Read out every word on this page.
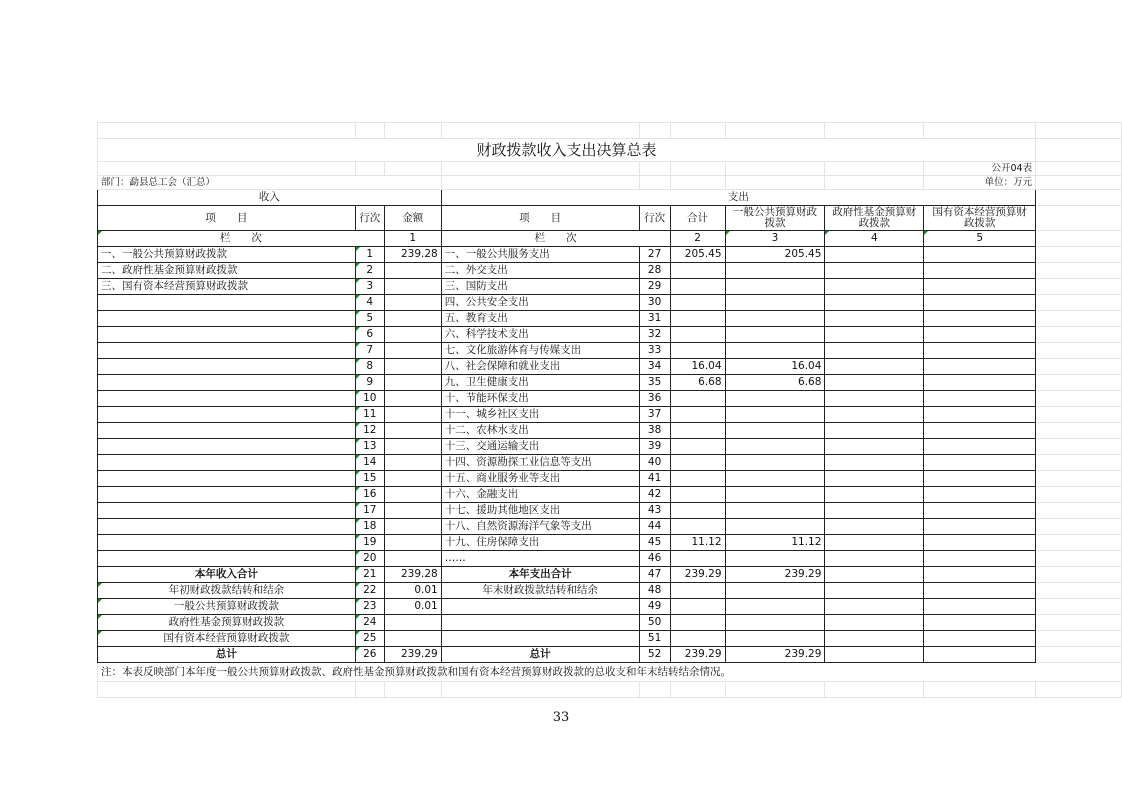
财政拨款收入支出决算总表									
								公开04表	
部门：勐县总工会（汇总）								单位：万元	
收入			支出						
项　　目	行次	金额	项　　目	行次	合计	一般公共预算财政拨款	政府性基金预算财政拨款	国有资本经营预算财政拨款	
栏　　次		1	栏　　次		2	3	4	5	
一、一般公共预算财政拨款	1	239.28	一、一般公共服务支出	27	205.45	205.45			
二、政府性基金预算财政拨款	2		二、外交支出	28					
三、国有资本经营预算财政拨款	3		三、国防支出	29					
	4		四、公共安全支出	30					
	5		五、教育支出	31					
	6		六、科学技术支出	32					
	7		七、文化旅游体育与传媒支出	33					
	8		八、社会保障和就业支出	34	16.04	16.04			
	9		九、卫生健康支出	35	6.68	6.68			
	10		十、节能环保支出	36					
	11		十一、城乡社区支出	37					
	12		十二、农林水支出	38					
	13		十三、交通运输支出	39					
	14		十四、资源勘探工业信息等支出	40					
	15		十五、商业服务业等支出	41					
	16		十六、金融支出	42					
	17		十七、援助其他地区支出	43					
	18		十八、自然资源海洋气象等支出	44					
	19		十九、住房保障支出	45	11.12	11.12			
	20		……	46					
本年收入合计	21	239.28	本年支出合计	47	239.29	239.29			
年初财政拨款结转和结余	22	0.01	年末财政拨款结转和结余	48					
一般公共预算财政拨款	23	0.01		49					
政府性基金预算财政拨款	24			50					
国有资本经营预算财政拨款	25			51					
总计	26	239.29	总计	52	239.29	239.29			
注：本表反映部门本年度一般公共预算财政拨款、政府性基金预算财政拨款和国有资本经营预算财政拨款的总收支和年末结转结余情况。									

33
